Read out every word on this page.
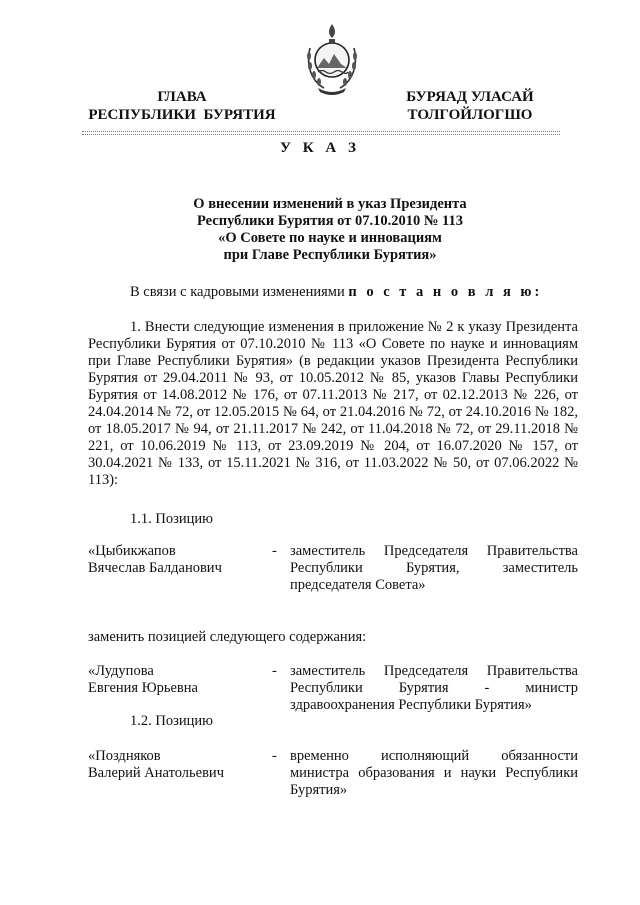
ГЛАВА
РЕСПУБЛИКИ  БУРЯТИЯ
БУРЯАД УЛАСАЙ
ТОЛГОЙЛОГШО
У К А З
О внесении изменений в указ Президента
Республики Бурятия от 07.10.2010 № 113
«О Совете по науке и инновациям
при Главе Республики Бурятия»
В связи с кадровыми изменениями п о с т а н о в л я ю:
1. Внести следующие изменения в приложение № 2 к указу Президента Республики Бурятия от 07.10.2010 № 113 «О Совете по науке и инновациям при Главе Республики Бурятия» (в редакции указов Президента Республики Бурятия от 29.04.2011 № 93, от 10.05.2012 № 85, указов Главы Республики Бурятия от 14.08.2012 № 176, от 07.11.2013 № 217, от 02.12.2013 № 226, от 24.04.2014 № 72, от 12.05.2015 № 64, от 21.04.2016 № 72, от 24.10.2016 № 182, от 18.05.2017 № 94, от 21.11.2017 № 242, от 11.04.2018 № 72, от 29.11.2018 № 221, от 10.06.2019 № 113, от 23.09.2019 № 204, от 16.07.2020 № 157, от 30.04.2021 № 133, от 15.11.2021 № 316, от 11.03.2022 № 50, от 07.06.2022 № 113):
1.1. Позицию
«Цыбикжапов
Вячеслав Балданович
- заместитель Председателя Правительства Республики Бурятия, заместитель председателя Совета»
заменить позицией следующего содержания:
«Лудупова
Евгения Юрьевна
- заместитель Председателя Правительства Республики Бурятия - министр здравоохранения Республики Бурятия»
1.2. Позицию
«Поздняков
Валерий Анатольевич
- временно исполняющий обязанности министра образования и науки Республики Бурятия»
